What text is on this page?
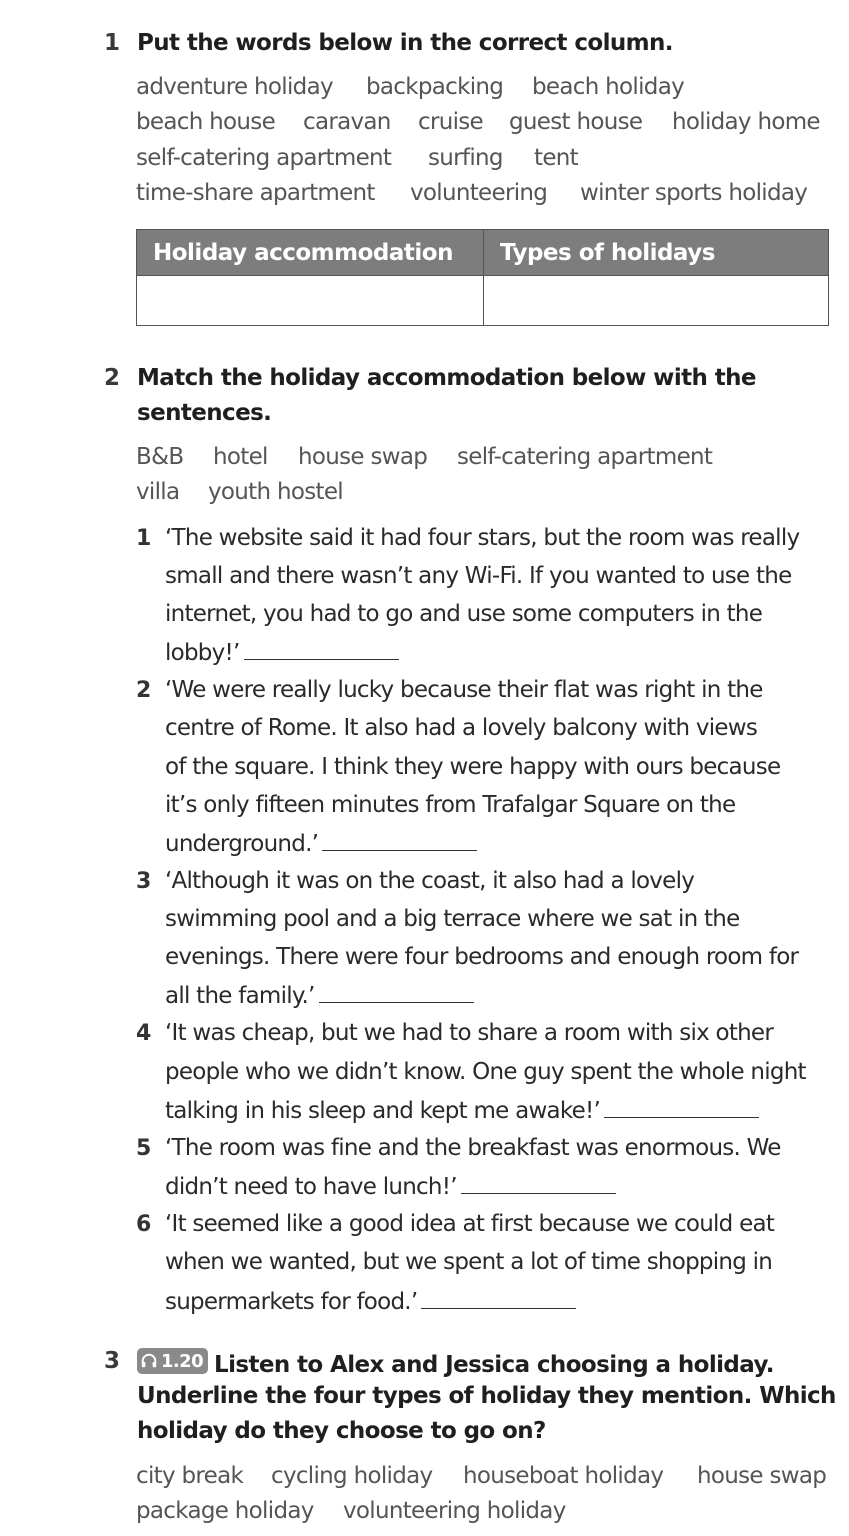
1 Put the words below in the correct column.
adventure holiday backpacking beach holiday
beach house caravan cruise guest house holiday home
self-catering apartment surfing tent
time-share apartment volunteering winter sports holiday
Holiday accommodation	Types of holidays

2 Match the holiday accommodation below with the
sentences.
B&B hotel house swap self-catering apartment
villa youth hostel
1 ‘The website said it had four stars, but the room was really
small and there wasn’t any Wi-Fi. If you wanted to use the
internet, you had to go and use some computers in the
lobby!’
2 ‘We were really lucky because their flat was right in the
centre of Rome. It also had a lovely balcony with views
of the square. I think they were happy with ours because
it’s only fifteen minutes from Trafalgar Square on the
underground.’
3 ‘Although it was on the coast, it also had a lovely
swimming pool and a big terrace where we sat in the
evenings. There were four bedrooms and enough room for
all the family.’
4 ‘It was cheap, but we had to share a room with six other
people who we didn’t know. One guy spent the whole night
talking in his sleep and kept me awake!’
5 ‘The room was fine and the breakfast was enormous. We
didn’t need to have lunch!’
6 ‘It seemed like a good idea at first because we could eat
when we wanted, but we spent a lot of time shopping in
supermarkets for food.’
3 1.20 Listen to Alex and Jessica choosing a holiday.
Underline the four types of holiday they mention. Which
holiday do they choose to go on?
city break cycling holiday houseboat holiday house swap
package holiday volunteering holiday
